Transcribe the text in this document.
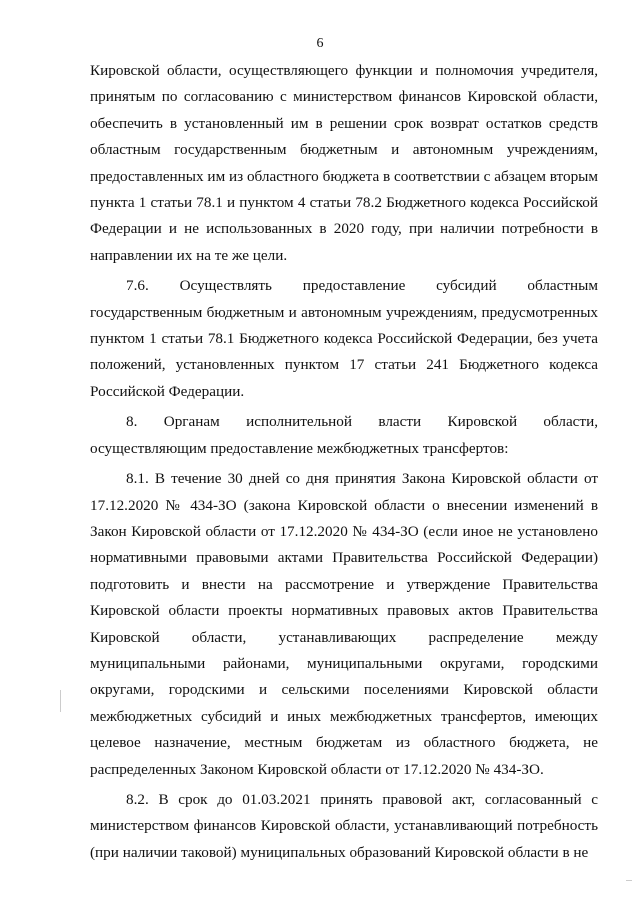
6

Кировской области, осуществляющего функции и полномочия учредителя, принятым по согласованию с министерством финансов Кировской области, обеспечить в установленный им в решении срок возврат остатков средств областным государственным бюджетным и автономным учреждениям, предоставленных им из областного бюджета в соответствии с абзацем вторым пункта 1 статьи 78.1 и пунктом 4 статьи 78.2 Бюджетного кодекса Российской Федерации и не использованных в 2020 году, при наличии потребности в направлении их на те же цели.

7.6. Осуществлять предоставление субсидий областным государственным бюджетным и автономным учреждениям, предусмотренных пунктом 1 статьи 78.1 Бюджетного кодекса Российской Федерации, без учета положений, установленных пунктом 17 статьи 241 Бюджетного кодекса Российской Федерации.

8. Органам исполнительной власти Кировской области, осуществляющим предоставление межбюджетных трансфертов:

8.1. В течение 30 дней со дня принятия Закона Кировской области от 17.12.2020 № 434-ЗО (закона Кировской области о внесении изменений в Закон Кировской области от 17.12.2020 № 434-ЗО (если иное не установлено нормативными правовыми актами Правительства Российской Федерации) подготовить и внести на рассмотрение и утверждение Правительства Кировской области проекты нормативных правовых актов Правительства Кировской области, устанавливающих распределение между муниципальными районами, муниципальными округами, городскими округами, городскими и сельскими поселениями Кировской области межбюджетных субсидий и иных межбюджетных трансфертов, имеющих целевое назначение, местным бюджетам из областного бюджета, не распределенных Законом Кировской области от 17.12.2020 № 434-ЗО.

8.2. В срок до 01.03.2021 принять правовой акт, согласованный с министерством финансов Кировской области, устанавливающий потребность (при наличии таковой) муниципальных образований Кировской области в не
